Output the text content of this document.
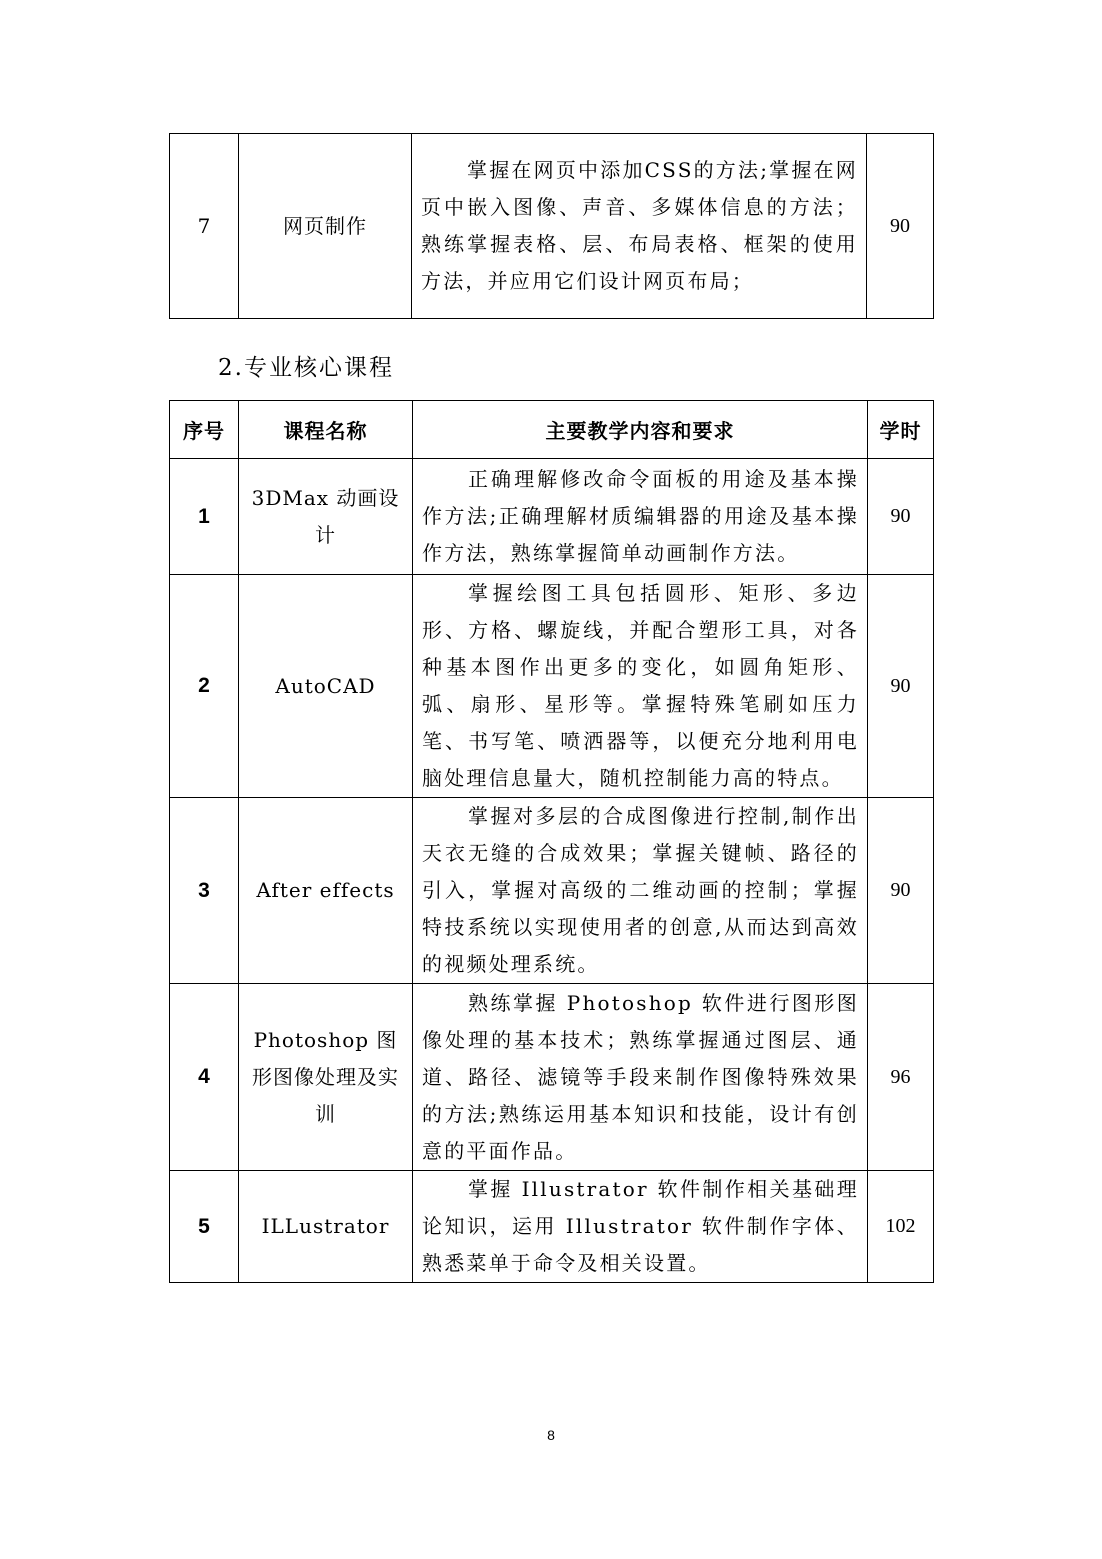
7	网页制作	掌握在网页中添加CSS的方法;掌握在网页中嵌入图像、声音、多媒体信息的方法；熟练掌握表格、层、布局表格、框架的使用方法，并应用它们设计网页布局；	90
2.专业核心课程
序号	课程名称	主要教学内容和要求	学时
1	3DMax 动画设计	正确理解修改命令面板的用途及基本操作方法;正确理解材质编辑器的用途及基本操作方法，熟练掌握简单动画制作方法。	90
2	AutoCAD	掌握绘图工具包括圆形、矩形、多边形、方格、螺旋线，并配合塑形工具，对各种基本图作出更多的变化，如圆角矩形、弧、扇形、星形等。掌握特殊笔刷如压力笔、书写笔、喷洒器等，以便充分地利用电脑处理信息量大，随机控制能力高的特点。	90
3	After effects	掌握对多层的合成图像进行控制,制作出天衣无缝的合成效果；掌握关键帧、路径的引入，掌握对高级的二维动画的控制；掌握特技系统以实现使用者的创意,从而达到高效的视频处理系统。	90
4	Photoshop 图形图像处理及实训	熟练掌握 Photoshop 软件进行图形图像处理的基本技术；熟练掌握通过图层、通道、路径、滤镜等手段来制作图像特殊效果的方法;熟练运用基本知识和技能，设计有创意的平面作品。	96
5	ILLustrator	掌握 Illustrator 软件制作相关基础理论知识，运用 Illustrator 软件制作字体、熟悉菜单于命令及相关设置。	102
8
